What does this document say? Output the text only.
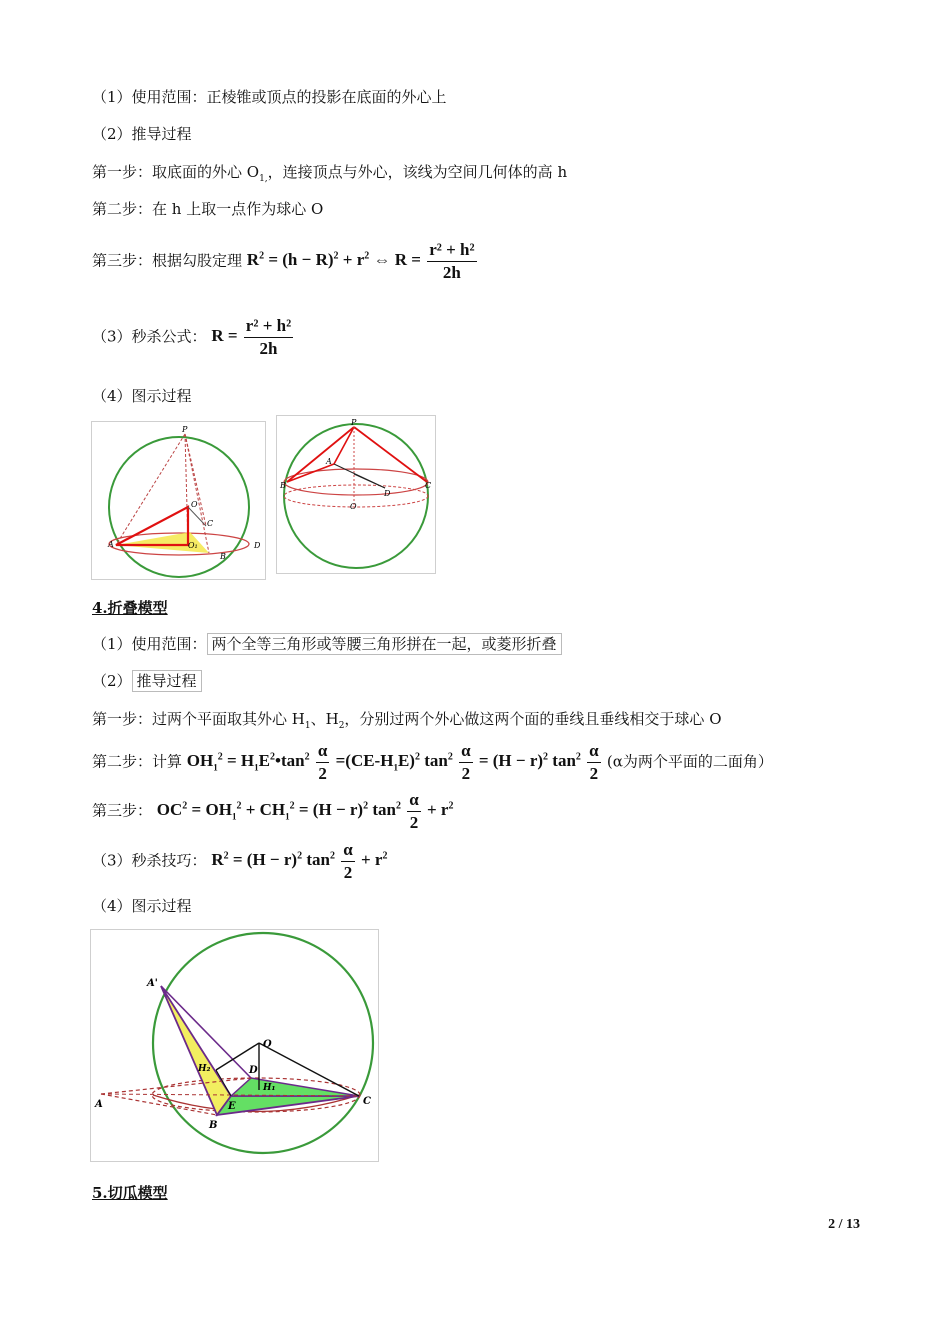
（1）使用范围：正棱锥或顶点的投影在底面的外心上
（2）推导过程
第一步：取底面的外心 $O_{1,}$，连接顶点与外心，该线为空间几何体的高 h
第二步：在 h 上取一点作为球心 O
第三步：根据勾股定理 $R^2 = (h - R)^2 + r^2$ ⇔ $R = \frac{\text{r² + h²}}{2h}$
（3）秒杀公式： $R = \frac{\text{r² + h²}}{2h}$
（4）图示过程
P
O
C
A	O₁
B
D
P
A
B	C
D
O
4.折叠模型
（1）使用范围： 两个全等三角形或等腰三角形拼在一起，或菱形折叠
（2） 推导过程
第一步：过两个平面取其外心 $H_1$、$H_2$，分别过两个外心做这两个面的垂线且垂线相交于球心 O
第二步：计算 $OH_1^2$ = $H_1E^2•\tan^2 \frac{\alpha}{2} =(CE-H_1E)^2$ $\tan^2 \frac{\alpha}{2} = (H - r)^2$ $\tan^2 \frac{\alpha}{2} (\alpha$为两个平面的二面角）
第三步： $OC^2 = OH_1^2 + CH_1^2 = (H - r)^2$ $\tan^2 \frac{\alpha}{2} + r^2$
（3）秒杀技巧： $R^2 = (H - r)^2$ $\tan^2 \frac{\alpha}{2} + r^2$
（4）图示过程
A'
O
H₂	D
H₁
A	E	C
B
5.切瓜模型
2 / 13
